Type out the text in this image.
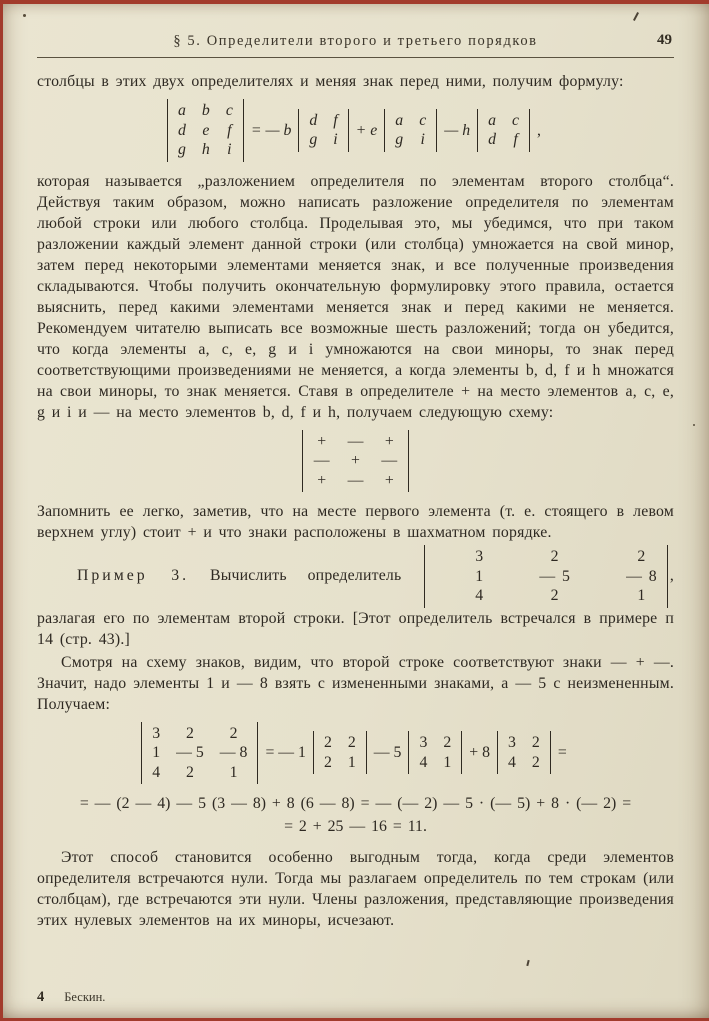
§ 5. Определители второго и третьего порядков	49

столбцы в этих двух определителях и меняя знак перед ними, получим формулу:

a	b	c
d	e	f
g	h	i
= — b
d	f
g	i
+ e
a	c
g	i
— h
a	c
d	f
,

которая называется „разложением определителя по элементам второго столбца“. Действуя таким образом, можно написать разложение определителя по элементам любой строки или любого столбца. Проделывая это, мы убедимся, что при таком разложении каждый элемент данной строки (или столбца) умножается на свой минор, затем перед некоторыми элементами меняется знак, и все полученные произведения складываются. Чтобы получить окончательную формулировку этого правила, остается выяснить, перед какими элементами меняется знак и перед какими не меняется. Рекомендуем читателю выписать все возможные шесть разложений; тогда он убедится, что когда элементы a, c, e, g и i умножаются на свои миноры, то знак перед соответствующими произведениями не меняется, а когда элементы b, d, f и h множатся на свои миноры, то знак меняется. Ставя в определителе + на место элементов a, c, e, g и i и — на место элементов b, d, f и h, получаем следующую схему:

+	—	+
—	+	—
+	—	+

Запомнить ее легко, заметив, что на месте первого элемента (т. е. стоящего в левом верхнем углу) стоит + и что знаки расположены в шахматном порядке.

Пример 3. Вычислить определитель 3	2	2
1	— 5	— 8
4	2	1, разлагая его по элементам второй строки. [Этот определитель встречался в примере п 14 (стр. 43).]

Смотря на схему знаков, видим, что второй строке соответствуют знаки — + —. Значит, надо элементы 1 и — 8 взять с измененными знаками, а — 5 с неизмененным. Получаем:

3	2	2
1	— 5	— 8
4	2	1
= — 1
2	2
2	1
— 5
3	2
4	1
+ 8
3	2
4	2
=
= — (2 — 4) — 5 (3 — 8) + 8 (6 — 8) = — (— 2) — 5 · (— 5) + 8 · (— 2) =
= 2 + 25 — 16 = 11.

Этот способ становится особенно выгодным тогда, когда среди элементов определителя встречаются нули. Тогда мы разлагаем определитель по тем строкам (или столбцам), где встречаются эти нули. Члены разложения, представляющие произведения этих нулевых элементов на их миноры, исчезают.

4 Бескин.
